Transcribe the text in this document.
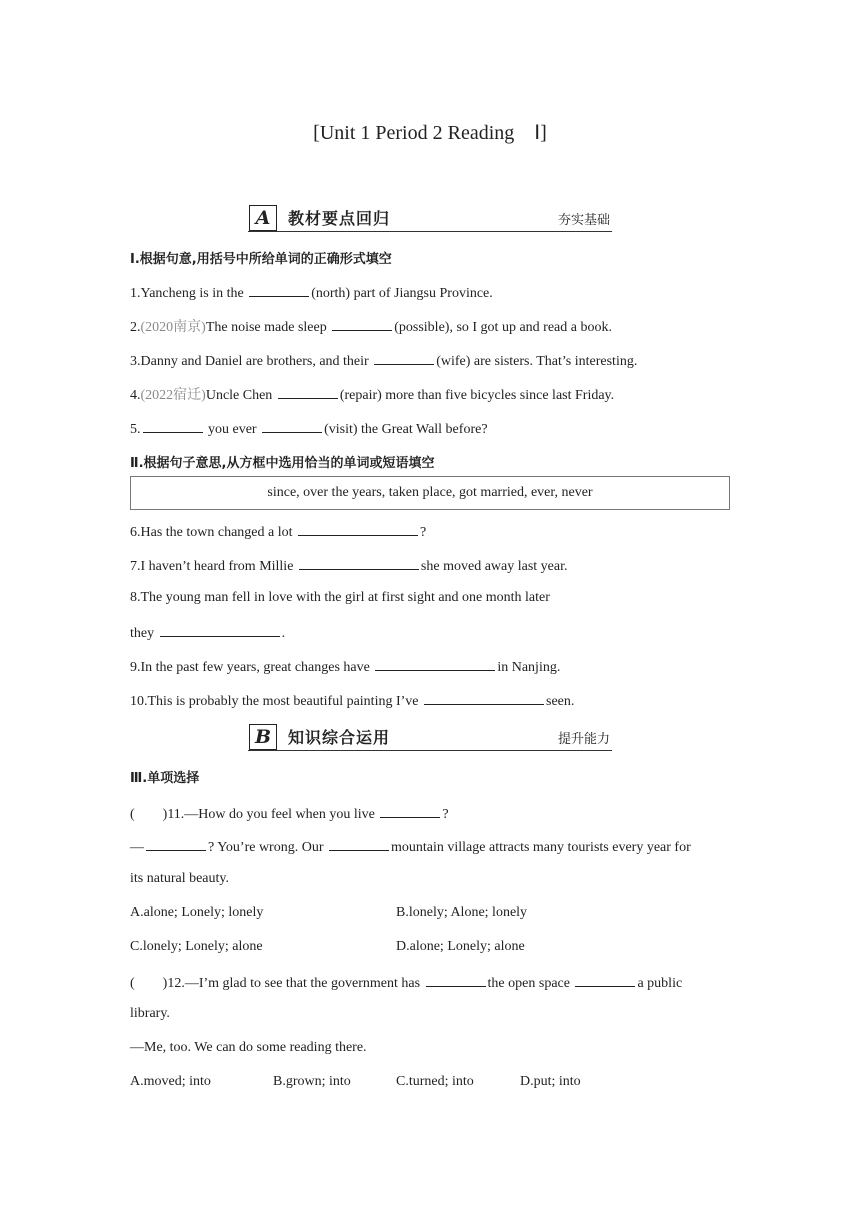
[Unit 1 Period 2 Reading　Ⅰ]
A	教材要点回归	夯实基础
Ⅰ.根据句意,用括号中所给单词的正确形式填空
1.Yancheng is in the	(north) part of Jiangsu Province.
2.(2020南京)The noise made sleep	(possible), so I got up and read a book.
3.Danny and Daniel are brothers, and their	(wife) are sisters. That’s interesting.
4.(2022宿迁)Uncle Chen	(repair) more than five bicycles since last Friday.
5.	you ever	(visit) the Great Wall before?
Ⅱ.根据句子意思,从方框中选用恰当的单词或短语填空
since, over the years, taken place, got married, ever, never
6.Has the town changed a lot	?
7.I haven’t heard from Millie	she moved away last year.
8.The young man fell in love with the girl at first sight and one month later
they	.
9.In the past few years, great changes have	in Nanjing.
10.This is probably the most beautiful painting I’ve	seen.
B	知识综合运用	提升能力
Ⅲ.单项选择
(　　)11.—How do you feel when you live	?
—	? You’re wrong. Our	mountain village attracts many tourists every year for
its natural beauty.
A.alone; Lonely; lonely	B.lonely; Alone; lonely
C.lonely; Lonely; alone	D.alone; Lonely; alone
(　　)12.—I’m glad to see that the government has	the open space	a public
library.
—Me, too. We can do some reading there.
A.moved; into	B.grown; into	C.turned; into	D.put; into
